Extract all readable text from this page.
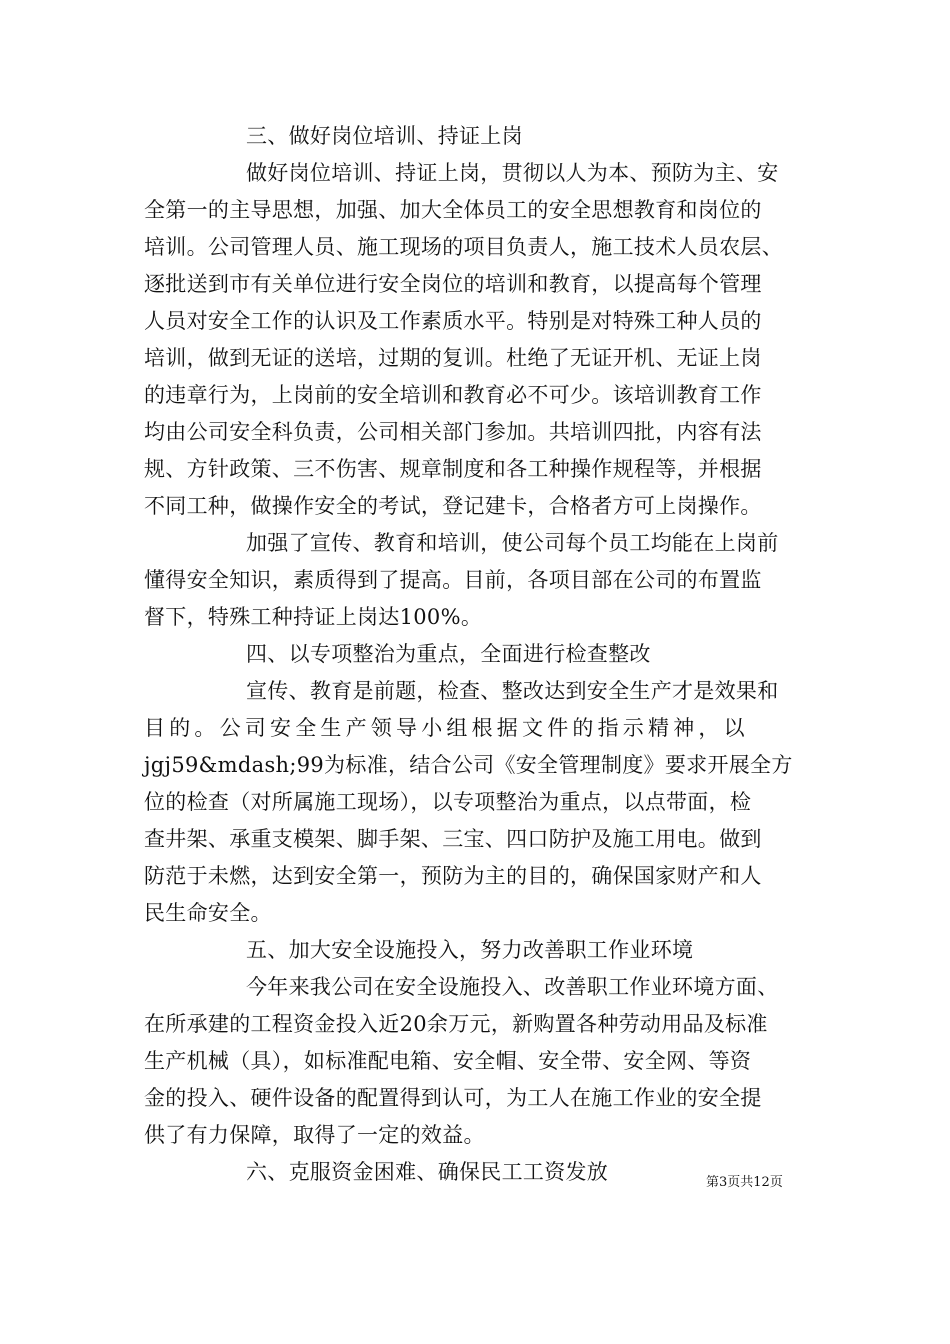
三、做好岗位培训、持证上岗
做好岗位培训、持证上岗，贯彻以人为本、预防为主、安
全第一的主导思想，加强、加大全体员工的安全思想教育和岗位的
培训。公司管理人员、施工现场的项目负责人，施工技术人员农层、
逐批送到市有关单位进行安全岗位的培训和教育，以提高每个管理
人员对安全工作的认识及工作素质水平。特别是对特殊工种人员的
培训，做到无证的送培，过期的复训。杜绝了无证开机、无证上岗
的违章行为，上岗前的安全培训和教育必不可少。该培训教育工作
均由公司安全科负责，公司相关部门参加。共培训四批，内容有法
规、方针政策、三不伤害、规章制度和各工种操作规程等，并根据
不同工种，做操作安全的考试，登记建卡，合格者方可上岗操作。
加强了宣传、教育和培训，使公司每个员工均能在上岗前
懂得安全知识，素质得到了提高。目前，各项目部在公司的布置监
督下，特殊工种持证上岗达100%。
四、以专项整治为重点，全面进行检查整改
宣传、教育是前题，检查、整改达到安全生产才是效果和
目的。公司安全生产领导小组根据文件的指示精神，以
jgj59&mdash;99为标准，结合公司《安全管理制度》要求开展全方
位的检查（对所属施工现场），以专项整治为重点，以点带面，检
查井架、承重支模架、脚手架、三宝、四口防护及施工用电。做到
防范于未燃，达到安全第一，预防为主的目的，确保国家财产和人
民生命安全。
五、加大安全设施投入，努力改善职工作业环境
今年来我公司在安全设施投入、改善职工作业环境方面、
在所承建的工程资金投入近20余万元，新购置各种劳动用品及标准
生产机械（具），如标准配电箱、安全帽、安全带、安全网、等资
金的投入、硬件设备的配置得到认可，为工人在施工作业的安全提
供了有力保障，取得了一定的效益。
六、克服资金困难、确保民工工资发放	第3页共12页
